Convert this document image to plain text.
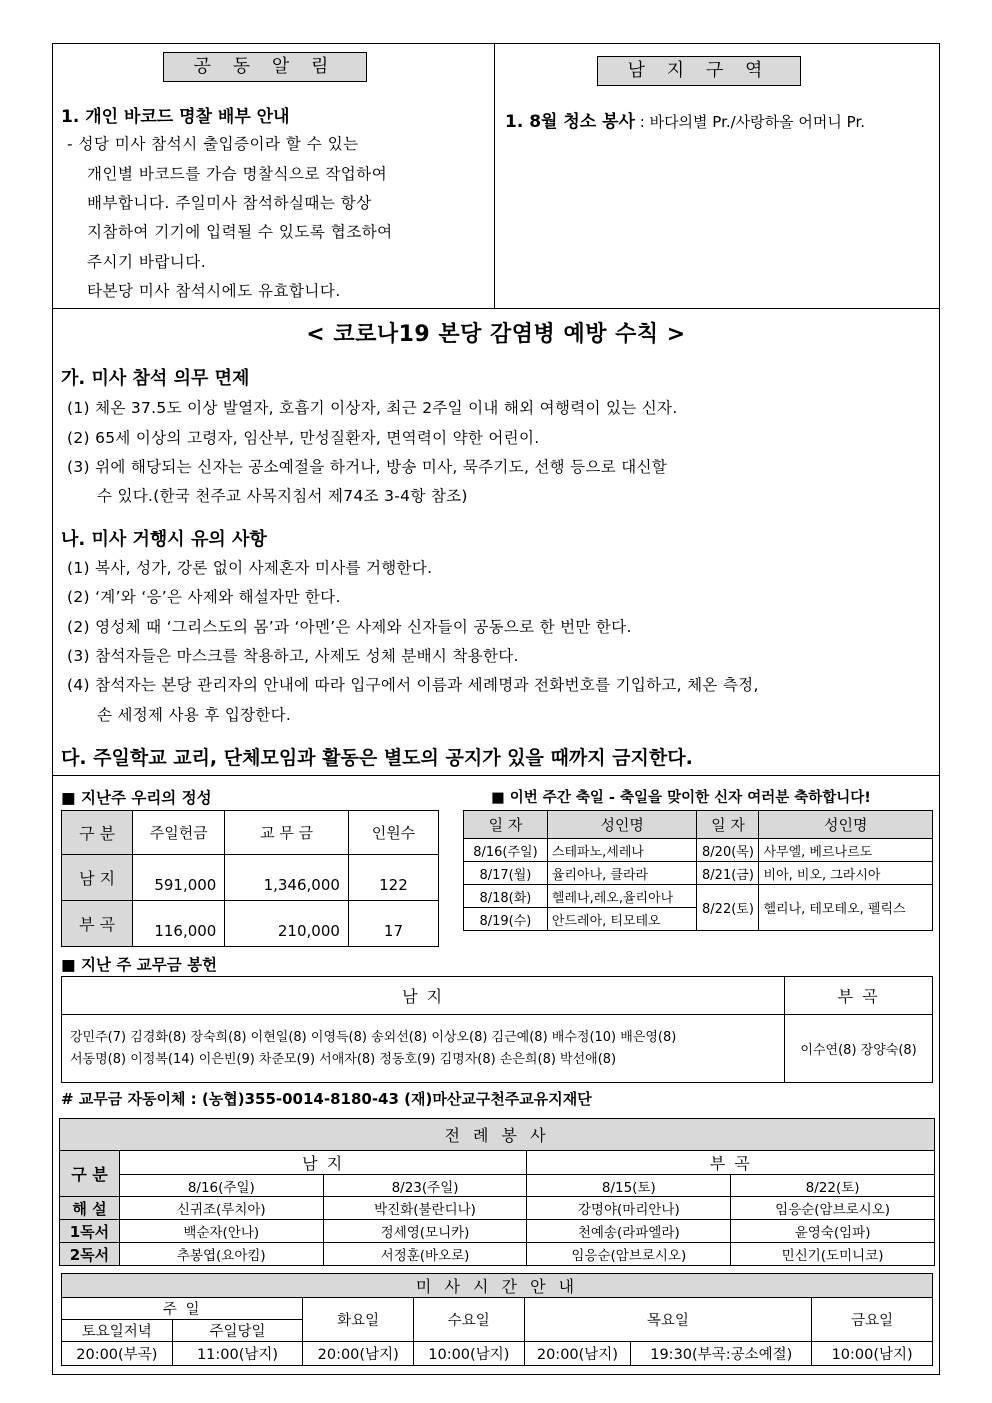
공 동 알 림
1. 개인 바코드 명찰 배부 안내
- 성당 미사 참석시 출입증이라 할 수 있는
개인별 바코드를 가슴 명찰식으로 작업하여
배부합니다. 주일미사 참석하실때는 항상
지참하여 기기에 입력될 수 있도록 협조하여
주시기 바랍니다.
타본당 미사 참석시에도 유효합니다.
남 지 구 역
1. 8월 청소 봉사 : 바다의별 Pr./사랑하올 어머니 Pr.
< 코로나19 본당 감염병 예방 수칙 >
가. 미사 참석 의무 면제
(1) 체온 37.5도 이상 발열자, 호흡기 이상자, 최근 2주일 이내 해외 여행력이 있는 신자.
(2) 65세 이상의 고령자, 임산부, 만성질환자, 면역력이 약한 어린이.
(3) 위에 해당되는 신자는 공소예절을 하거나, 방송 미사, 묵주기도, 선행 등으로 대신할
수 있다.(한국 천주교 사목지침서 제74조 3-4항 참조)
나. 미사 거행시 유의 사항
(1) 복사, 성가, 강론 없이 사제혼자 미사를 거행한다.
(2) ‘계’와 ‘응’은 사제와 해설자만 한다.
(2) 영성체 때 ‘그리스도의 몸’과 ‘아멘’은 사제와 신자들이 공동으로 한 번만 한다.
(3) 참석자들은 마스크를 착용하고, 사제도 성체 분배시 착용한다.
(4) 참석자는 본당 관리자의 안내에 따라 입구에서 이름과 세례명과 전화번호를 기입하고, 체온 측정,
손 세정제 사용 후 입장한다.
다. 주일학교 교리, 단체모임과 활동은 별도의 공지가 있을 때까지 금지한다.
■ 지난주 우리의 정성	■ 이번 주간 축일 - 축일을 맞이한 신자 여러분 축하합니다!
구 분	주일헌금	교 무 금	인원수
남 지	591,000	1,346,000	122
부 곡	116,000	210,000	17
일 자	성인명	일 자	성인명
8/16(주일)	스테파노,세레나	8/20(목)	사무엘, 베르나르도
8/17(월)	율리아나, 클라라	8/21(금)	비아, 비오, 그라시아
8/18(화)	헬레나,레오,율리아나	8/22(토)	헬리나, 테모테오, 펠릭스
8/19(수)	안드레아, 티모테오		
■ 지난 주 교무금 봉헌
남 지	부 곡

강민주(7) 김경화(8) 장숙희(8) 이현일(8) 이영득(8) 송외선(8) 이상오(8) 김근예(8) 배수정(10) 배은영(8)
서동명(8) 이정복(14) 이은빈(9) 차준모(9) 서애자(8) 정동호(9) 김명자(8) 손은희(8) 박선애(8)	이수연(8) 장양숙(8)
# 교무금 자동이체 : (농협)355-0014-8180-43 (재)마산교구천주교유지재단
전 례 봉 사				
구 분	남 지		부 곡	
	8/16(주일)	8/23(주일)	8/15(토)	8/22(토)
해 설	신귀조(루치아)	박진화(불란디나)	강명야(마리안나)	임응순(암브로시오)
1독서	백순자(안나)	정세영(모니카)	천예송(라파엘라)	윤영숙(임파)
2독서	추봉엽(요아킴)	서정훈(바오로)	임응순(암브로시오)	민신기(도미니코)
미 사 시 간 안 내						
주 일		화요일	수요일	목요일		금요일
토요일저녁	주일당일					
20:00(부곡)	11:00(남지)	20:00(남지)	10:00(남지)	20:00(남지)	19:30(부곡:공소예절)	10:00(남지)
